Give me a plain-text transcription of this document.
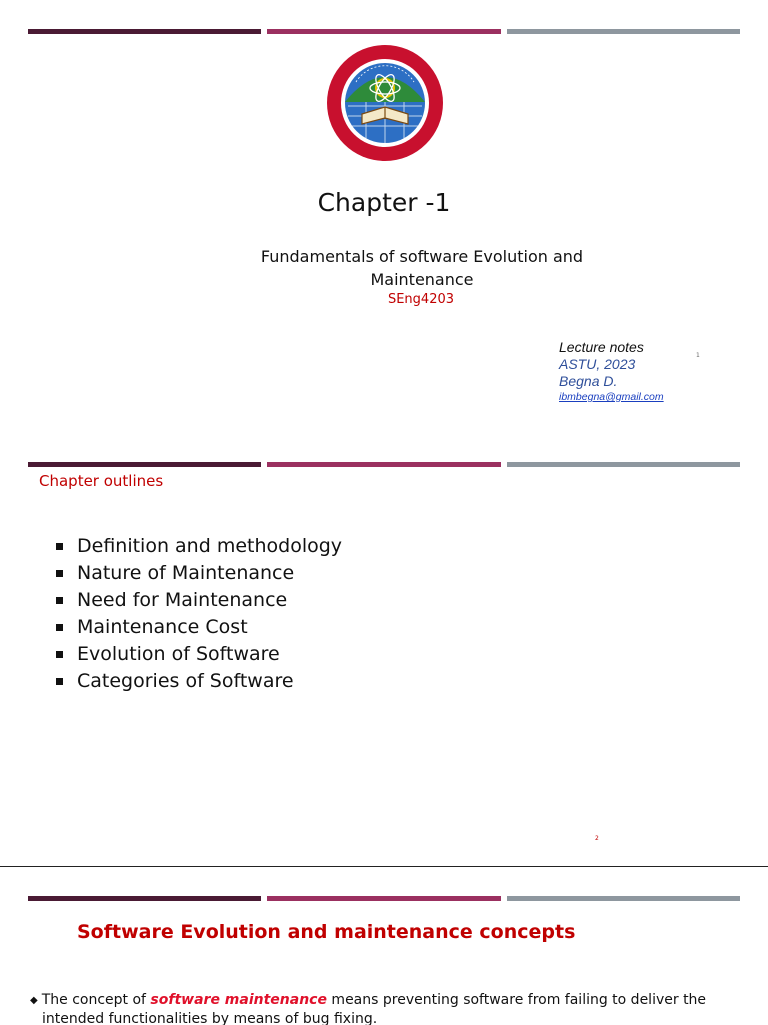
Chapter -1
Fundamentals of software Evolution and
Maintenance
SEng4203
Lecture notes
ASTU, 2023
Begna D.
ibmbegna@gmail.com
1
Chapter outlines
Definition and methodology
Nature of Maintenance
Need for Maintenance
Maintenance Cost
Evolution of Software
Categories of Software
2
Software Evolution and maintenance concepts
◆ The concept of software maintenance means preventing software from failing to deliver the
intended functionalities by means of bug fixing.
